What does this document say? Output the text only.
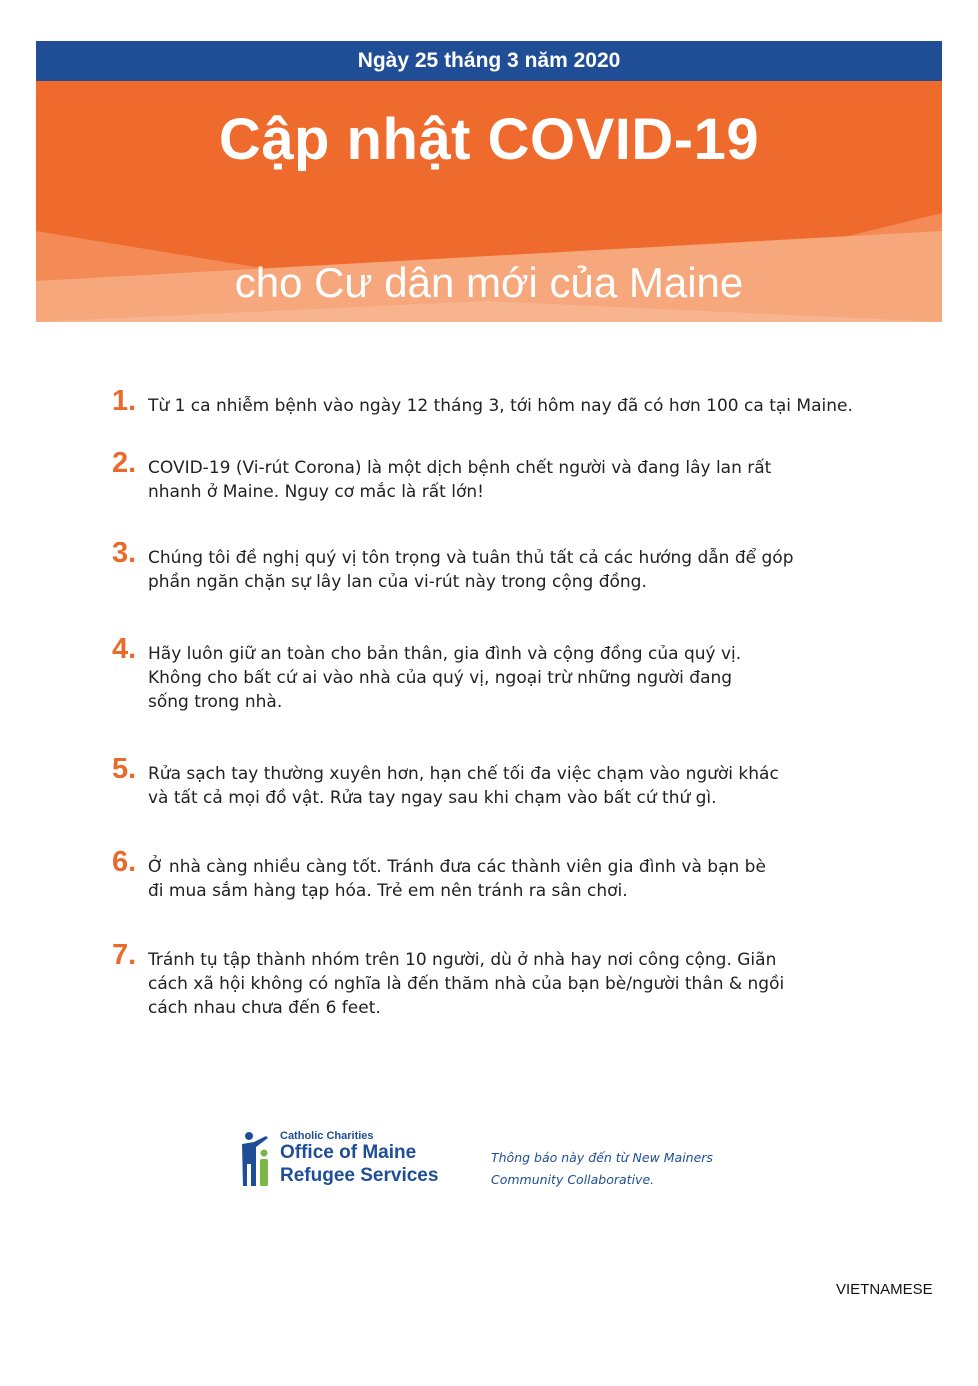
Ngày 25 tháng 3 năm 2020
Cập nhật COVID-19
cho Cư dân mới của Maine
1. Từ 1 ca nhiễm bệnh vào ngày 12 tháng 3, tới hôm nay đã có hơn 100 ca tại Maine.
2. COVID-19 (Vi-rút Corona) là một dịch bệnh chết người và đang lây lan rất
nhanh ở Maine. Nguy cơ mắc là rất lớn!
3. Chúng tôi đề nghị quý vị tôn trọng và tuân thủ tất cả các hướng dẫn để góp
phần ngăn chặn sự lây lan của vi-rút này trong cộng đồng.
4. Hãy luôn giữ an toàn cho bản thân, gia đình và cộng đồng của quý vị.
Không cho bất cứ ai vào nhà của quý vị, ngoại trừ những người đang
sống trong nhà.
5. Rửa sạch tay thường xuyên hơn, hạn chế tối đa việc chạm vào người khác
và tất cả mọi đồ vật. Rửa tay ngay sau khi chạm vào bất cứ thứ gì.
6. Ở nhà càng nhiều càng tốt. Tránh đưa các thành viên gia đình và bạn bè
đi mua sắm hàng tạp hóa. Trẻ em nên tránh ra sân chơi.
7. Tránh tụ tập thành nhóm trên 10 người, dù ở nhà hay nơi công cộng. Giãn
cách xã hội không có nghĩa là đến thăm nhà của bạn bè/người thân & ngồi
cách nhau chưa đến 6 feet.
Catholic Charities
Office of Maine
Refugee Services
Thông báo này đến từ New Mainers
Community Collaborative.
VIETNAMESE
